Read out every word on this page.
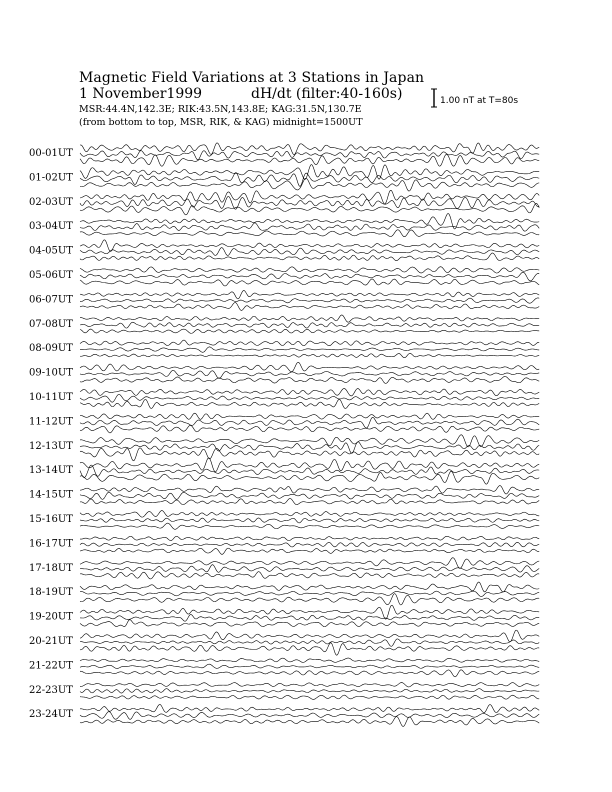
Magnetic Field Variations at 3 Stations in Japan
1 November1999	dH/dt (filter:40-160s)
MSR:44.4N,142.3E; RIK:43.5N,143.8E; KAG:31.5N,130.7E
(from bottom to top, MSR, RIK, & KAG) midnight=1500UT
1.00 nT at T=80s
00-01UT
01-02UT
02-03UT
03-04UT
04-05UT
05-06UT
06-07UT
07-08UT
08-09UT
09-10UT
10-11UT
11-12UT
12-13UT
13-14UT
14-15UT
15-16UT
16-17UT
17-18UT
18-19UT
19-20UT
20-21UT
21-22UT
22-23UT
23-24UT
